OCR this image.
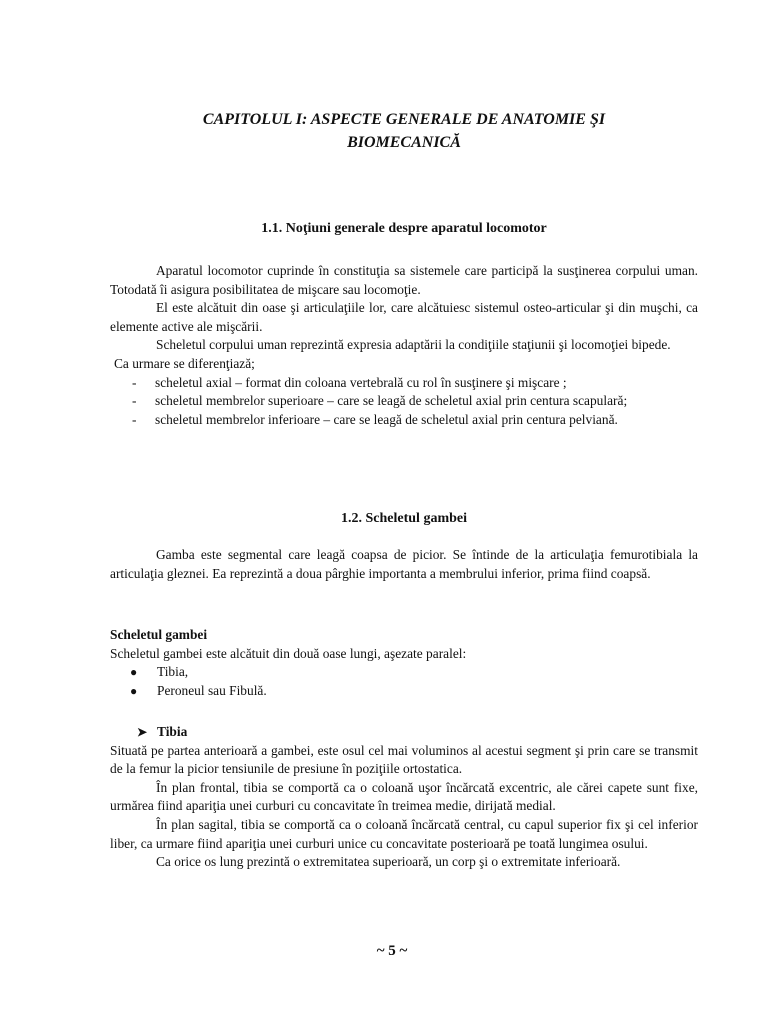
CAPITOLUL I: ASPECTE GENERALE DE ANATOMIE ŞI
BIOMECANICĂ
1.1. Noţiuni generale despre aparatul locomotor

Aparatul locomotor cuprinde în constituţia sa sistemele care participă la susţinerea corpului uman. Totodată îi asigura posibilitatea de mişcare sau locomoţie.

El este alcătuit din oase şi articulaţiile lor, care alcătuiesc sistemul osteo-articular şi din muşchi, ca elemente active ale mişcării.

Scheletul corpului uman reprezintă expresia adaptării la condiţiile staţiunii şi locomoţiei bipede.

Ca urmare se diferenţiază;

- scheletul axial – format din coloana vertebrală cu rol în susţinere şi mişcare ;
- scheletul membrelor superioare – care se leagă de scheletul axial prin centura scapulară;
- scheletul membrelor inferioare – care se leagă de scheletul axial prin centura pelviană.
1.2. Scheletul gambei

Gamba este segmental care leagă coapsa de picior. Se întinde de la articulaţia femurotibiala la articulaţia gleznei. Ea reprezintă a doua pârghie importanta a membrului inferior, prima fiind coapsă.

Scheletul gambei

Scheletul gambei este alcătuit din două oase lungi, aşezate paralel:

● Tibia,
● Peroneul sau Fibulă.
➤ Tibia

Situată pe partea anterioară a gambei, este osul cel mai voluminos al acestui segment şi prin care se transmit de la femur la picior tensiunile de presiune în poziţiile ortostatica.

În plan frontal, tibia se comportă ca o coloană uşor încărcată excentric, ale cărei capete sunt fixe, urmărea fiind apariţia unei curburi cu concavitate în treimea medie, dirijată medial.

În plan sagital, tibia se comportă ca o coloană încărcată central, cu capul superior fix şi cel inferior liber, ca urmare fiind apariţia unei curburi unice cu concavitate posterioară pe toată lungimea osului.

Ca orice os lung prezintă o extremitatea superioară, un corp şi o extremitate inferioară.

~ 5 ~
